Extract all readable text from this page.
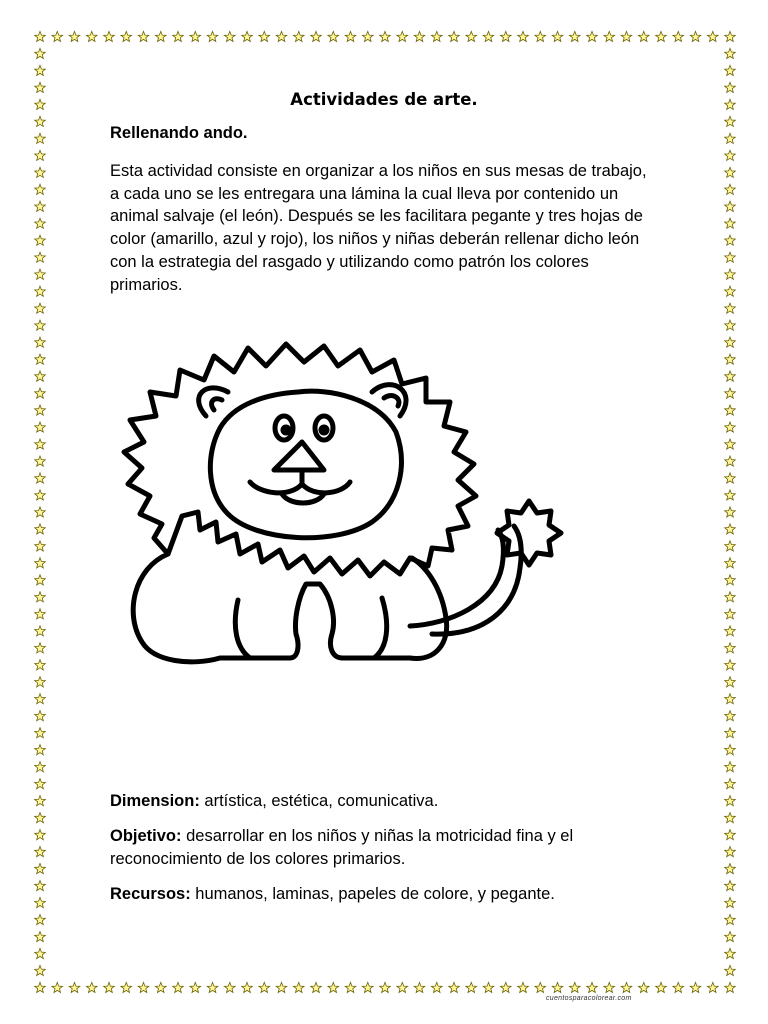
Actividades de arte.
Rellenando ando.
Esta actividad consiste en organizar a los niños en sus mesas de trabajo, a cada uno se les entregara una lámina la cual lleva por contenido un animal salvaje (el león). Después se les facilitara pegante y tres hojas de color (amarillo, azul y rojo), los niños y niñas deberán rellenar dicho león con la estrategia del rasgado y utilizando como patrón los colores primarios.
cuentosparacolorear.com
Dimension: artística, estética, comunicativa.
Objetivo: desarrollar en los niños y niñas la motricidad fina y el reconocimiento de los colores primarios.
Recursos: humanos, laminas, papeles de colore, y pegante.
